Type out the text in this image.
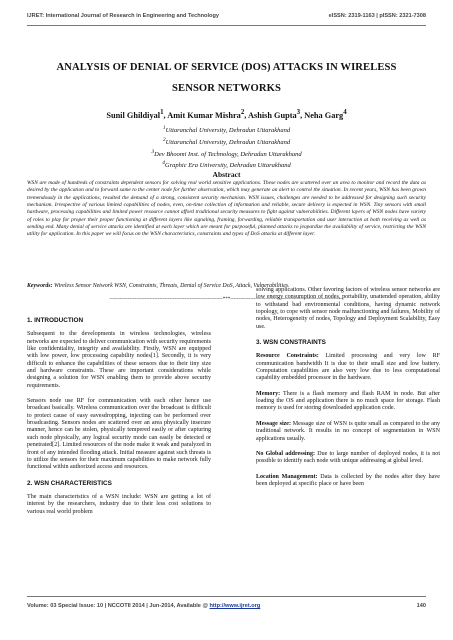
IJRET: International Journal of Research in Engineering and Technology	eISSN: 2319-1163 | pISSN: 2321-7308
ANALYSIS OF DENIAL OF SERVICE (DOS) ATTACKS IN WIRELESS SENSOR NETWORKS
Sunil Ghildiyal$^1$, Amit Kumar Mishra$^2$, Ashish Gupta$^3$, Neha Garg$^4$
$^1$Uttaranchal University, Dehradun Uttarakhand
$^2$Uttaranchal University, Dehradun Uttarakhand
$^3$Dev Bhoomi Inst. of Technology, Dehradun Uttarakhand
$^4$Graphic Era University, Dehradun Uttarakhand
Abstract
WSN are made of hundreds of constraints dependent sensors for solving real world sensitive applications. These nodes are scattered over an area to monitor and record the data as desired by the application and to forward same to the center node for further observation, which may generate an alert to control the situation. In recent years, WSN has been grown tremendously in the applications, resulted the demand of a strong, consistent security mechanism. WSN issues, challenges are needed to be addressed for designing such security mechanism. Irrespective of various limited capabilities of nodes, even, on-time collection of information and reliable, secure delivery is expected in WSN. Tiny sensors with small hardware, processing capabilities and limited power resource cannot afford traditional security measures to fight against vulnerabilities. Different layers of WSN nodes have variety of roles to play for proper their proper functioning at different layers like signaling, framing, forwarding, reliable transportation and user interaction at both receiving as well as sending end. Many denial of service attacks are identified at each layer which are meant for purposeful, planned attacks to jeopardize the availability of service, restricting the WSN utility for application. In this paper we will focus on the WSN characteristics, constraints and types of DoS attacks at different layer.
Keywords: Wireless Sensor Network WSN, Constraints, Threats, Denial of Service DoS, Attack, Vulnerabilities.
--------------------------------------------------------------------***--------------------------------------------------------------------
1. INTRODUCTION

Subsequent to the developments in wireless technologies, wireless networks are expected to deliver communication with security requirements like confidentiality, integrity and availability. Firstly, WSN are equipped with low power, low processing capability nodes[1]. Secondly, it is very difficult to enhance the capabilities of these sensors due to their tiny size and hardware constraints. These are important considerations while designing a solution for WSN enabling them to provide above security requirements.

Sensors node use RF for communication with each other hence use broadcast basically. Wireless communication over the broadcast is difficult to protect cause of easy eavesdropping, injecting can be performed over broadcasting. Sensors nodes are scattered over an area physically insecure manner, hence can be stolen, physically tempered easily or after capturing such node physically, any logical security mode can easily be detected or penetrated[2]. Limited resources of the node make it weak and paralyzed in front of any intended flooding attack. Initial measure against such threats is to utilize the sensors for their maximum capabilities to make network fully functional within authorized access and resources.

2. WSN CHARACTERISTICS

The main characteristics of a WSN include: WSN are getting a lot of interest by the researchers, industry due to their less cost solutions to various real world problem

solving applications. Other favoring factors of wireless sensor networks are low energy consumption of nodes, portability, unattended operation, ability to withstand bad environmental conditions, having dynamic network topology, to cope with sensor node malfunctioning and failures, Mobility of nodes, Heterogeneity of nodes, Topology and Deployment Scalability, Easy use.

3. WSN CONSTRAINTS

Resource Constraints: Limited processing and very low RF communication bandwidth It is due to their small size and low battery. Computation capabilities are also very low due to less computational capability embedded processor in the hardware.

Memory: There is a flash memory and flash RAM in node. But after loading the OS and application there is no much space for storage. Flash memory is used for storing downloaded application code.

Message size: Message size of WSN is quite small as compared to the any traditional network. It results in no concept of segmentation in WSN applications usually.

No Global addressing: Due to large number of deployed nodes, it is not possible to identify each node with unique addressing at global level.

Location Management: Data is collected by the nodes after they have been deployed at specific place or have been

Volume: 03 Special Issue: 10 | NCCOTII 2014 | Jun-2014, Available @ http://www.ijret.org	140
